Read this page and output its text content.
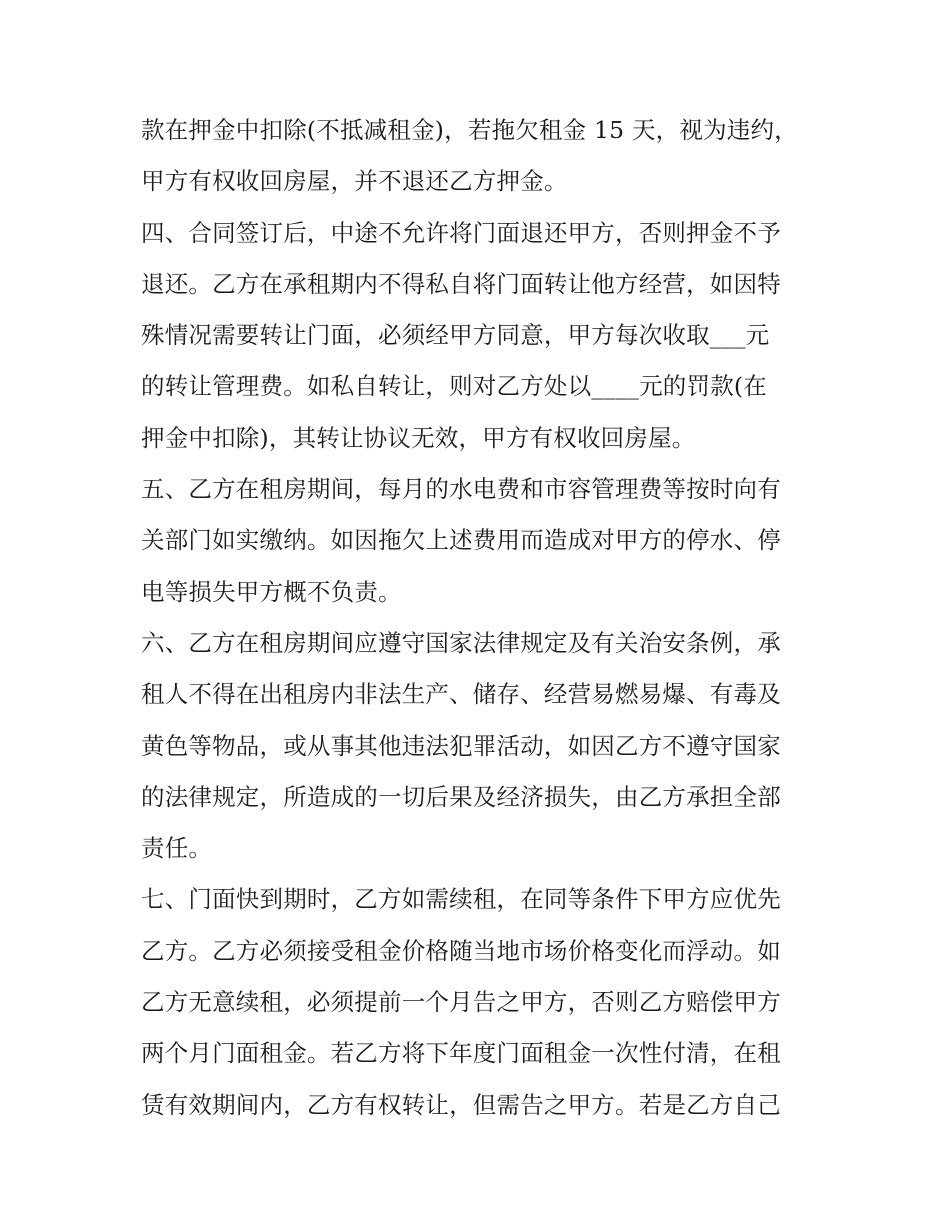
款在押金中扣除(不抵减租金)，若拖欠租金 15 天，视为违约，
甲方有权收回房屋，并不退还乙方押金。
四、合同签订后，中途不允许将门面退还甲方，否则押金不予
退还。乙方在承租期内不得私自将门面转让他方经营，如因特
殊情况需要转让门面，必须经甲方同意，甲方每次收取___元
的转让管理费。如私自转让，则对乙方处以____元的罚款(在
押金中扣除)，其转让协议无效，甲方有权收回房屋。
五、乙方在租房期间，每月的水电费和市容管理费等按时向有
关部门如实缴纳。如因拖欠上述费用而造成对甲方的停水、停
电等损失甲方概不负责。
六、乙方在租房期间应遵守国家法律规定及有关治安条例，承
租人不得在出租房内非法生产、储存、经营易燃易爆、有毒及
黄色等物品，或从事其他违法犯罪活动，如因乙方不遵守国家
的法律规定，所造成的一切后果及经济损失，由乙方承担全部
责任。
七、门面快到期时，乙方如需续租，在同等条件下甲方应优先
乙方。乙方必须接受租金价格随当地市场价格变化而浮动。如
乙方无意续租，必须提前一个月告之甲方，否则乙方赔偿甲方
两个月门面租金。若乙方将下年度门面租金一次性付清，在租
赁有效期间内，乙方有权转让，但需告之甲方。若是乙方自己
